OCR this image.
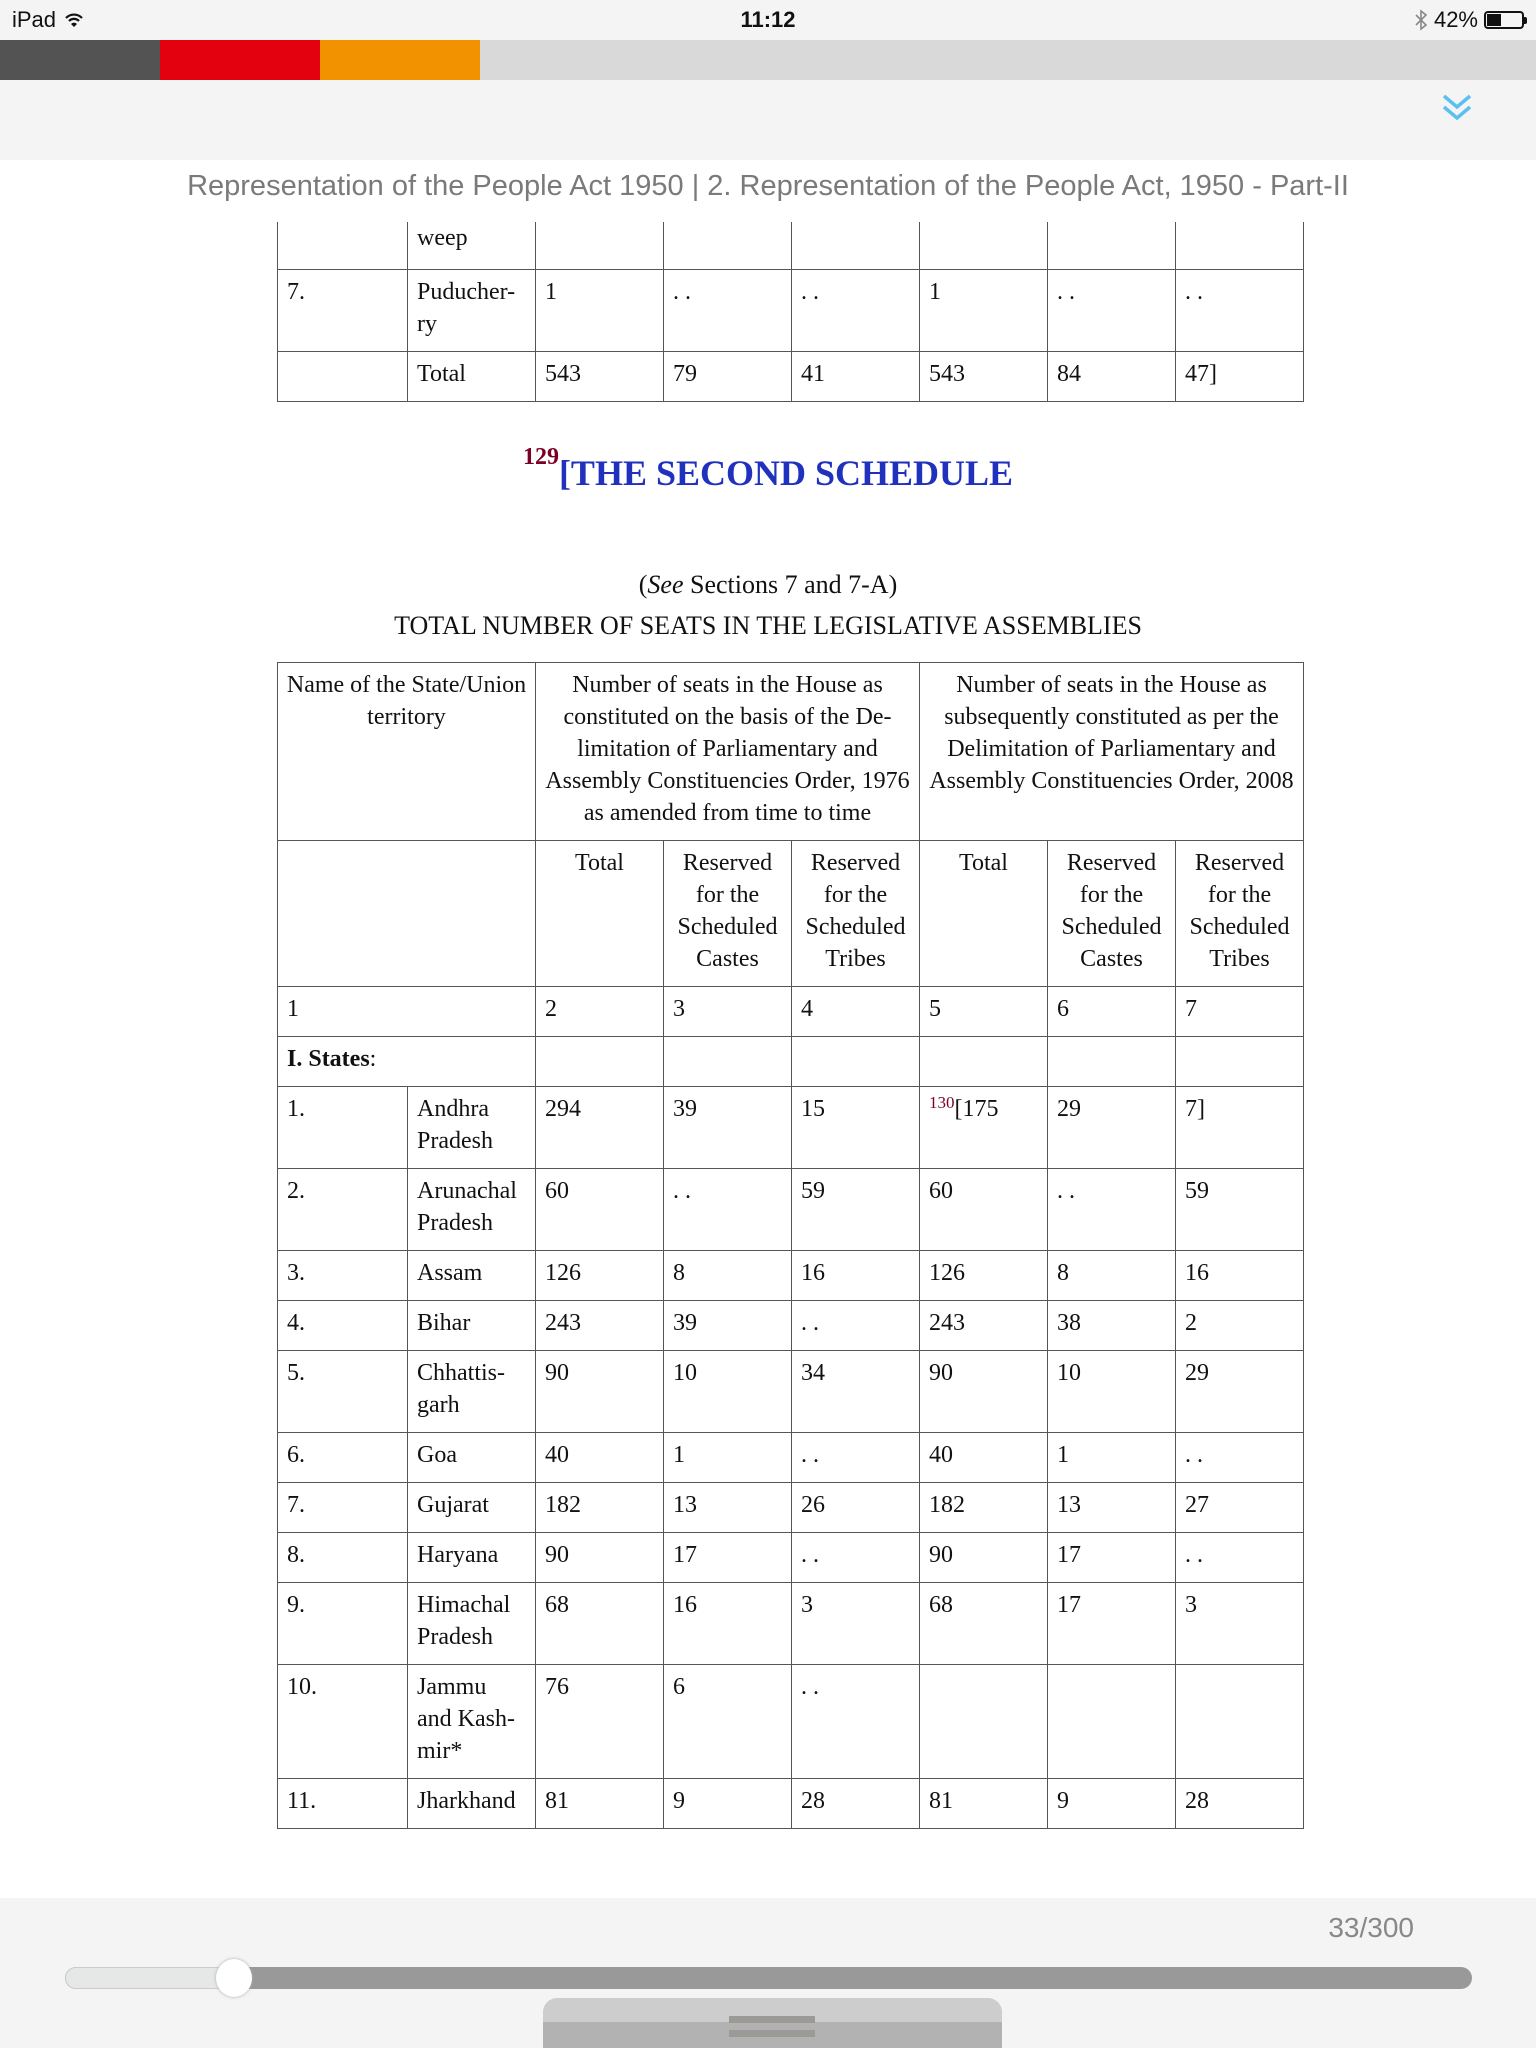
iPad	11:12	42%
Representation of the People Act 1950 | 2. Representation of the People Act, 1950 - Part-II
	weep						
7.	Puducher-ry	1	. .	. .	1	. .	. .
	Total	543	79	41	543	84	47]
$^{129}$[THE SECOND SCHEDULE
(See Sections 7 and 7-A)
TOTAL NUMBER OF SEATS IN THE LEGISLATIVE ASSEMBLIES
Name of the State/Union territory		Number of seats in the House as constituted on the basis of the De-limitation of Parliamentary and Assembly Constituencies Order, 1976 as amended from time to time			Number of seats in the House as subsequently constituted as per the Delimitation of Parliamentary and Assembly Constituencies Order, 2008		
		Total	Reserved for the Scheduled Castes	Reserved for the Scheduled Tribes	Total	Reserved for the Scheduled Castes	Reserved for the Scheduled Tribes
1		2	3	4	5	6	7
I. States:							
1.	Andhra Pradesh	294	39	15	$^{130}$[175	29	7]
2.	Arunachal Pradesh	60	. .	59	60	. .	59
3.	Assam	126	8	16	126	8	16
4.	Bihar	243	39	. .	243	38	2
5.	Chhattis-garh	90	10	34	90	10	29
6.	Goa	40	1	. .	40	1	. .
7.	Gujarat	182	13	26	182	13	27
8.	Haryana	90	17	. .	90	17	. .
9.	Himachal Pradesh	68	16	3	68	17	3
10.	Jammu and Kash-mir*	76	6	. .			
11.	Jharkhand	81	9	28	81	9	28
33/300
